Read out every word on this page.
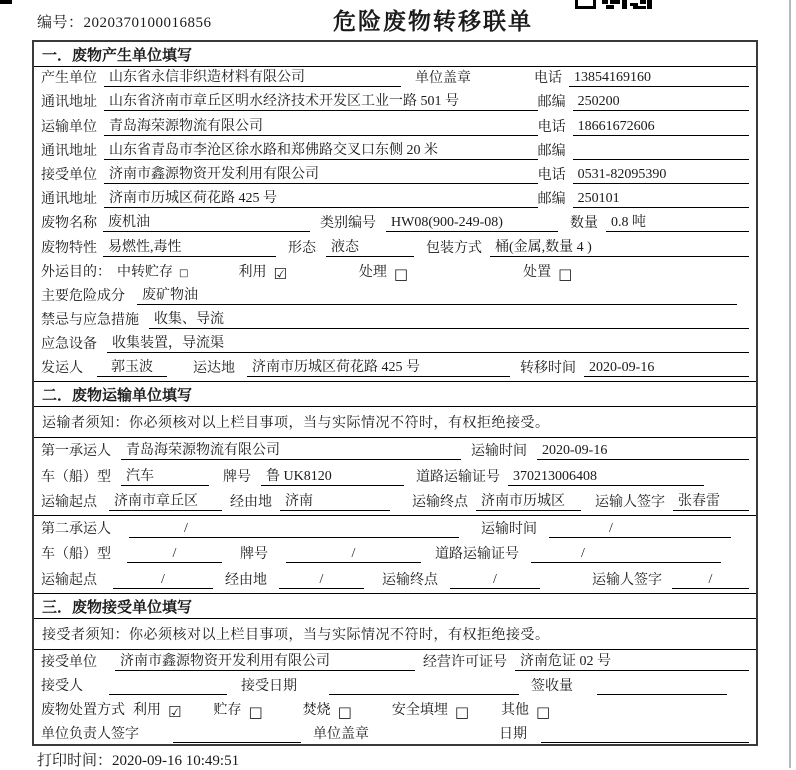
编号：2020370100016856	危险废物转移联单
一．废物产生单位填写
产生单位 山东省永信非织造材料有限公司	单位盖章	电话 13854169160
通讯地址 山东省济南市章丘区明水经济技术开发区工业一路 501 号	邮编 250200
运输单位 青岛海荣源物流有限公司	电话 18661672606
通讯地址 山东省青岛市李沧区徐水路和郑佛路交叉口东侧 20 米	邮编
接受单位 济南市鑫源物资开发利用有限公司	电话 0531-82095390
通讯地址 济南市历城区荷花路 425 号	邮编 250101
废物名称 废机油	类别编号	HW08(900-249-08)	数量 0.8 吨
废物特性 易燃性,毒性	形态	液态	包装方式 桶(金属,数量 4 )
外运目的： 中转贮存 □	利用 ☑	处理 □	处置 □
主要危险成分	废矿物油
禁忌与应急措施	收集、导流
应急设备	收集装置，导流渠
发运人	郭玉波	运达地	济南市历城区荷花路 425 号	转移时间 2020-09-16
二．废物运输单位填写
运输者须知：你必须核对以上栏目事项，当与实际情况不符时，有权拒绝接受。
第一承运人	青岛海荣源物流有限公司	运输时间	2020-09-16
车（船）型	汽车	牌号	鲁 UK8120	道路运输证号 370213006408
运输起点	济南市章丘区	经由地 济南	运输终点 济南市历城区	运输人签字 张春雷
第二承运人	/	运输时间	/
车（船）型	/	牌号	/	道路运输证号	/
运输起点	/	经由地	/	运输终点	/	运输人签字	/
三．废物接受单位填写
接受者须知：你必须核对以上栏目事项，当与实际情况不符时，有权拒绝接受。
接受单位	济南市鑫源物资开发利用有限公司	经营许可证号 济南危证 02 号
接受人	接受日期	签收量
废物处置方式 利用 ☑ 贮存 □	焚烧 □	安全填埋 □ 其他 □
单位负责人签字	单位盖章	日期
打印时间：2020-09-16 10:49:51
